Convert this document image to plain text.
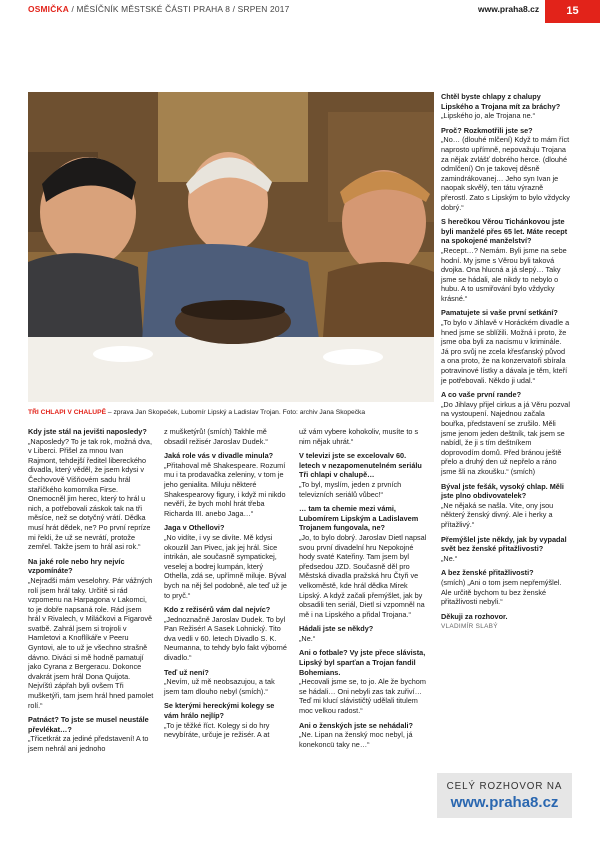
OSMIČKA / MĚSÍČNÍK MĚSTSKÉ ČÁSTI PRAHA 8 / SRPEN 2017	www.praha8.cz	15
TŘI CHLAPI V CHALUPĚ – zprava Jan Skopeček, Lubomír Lipský a Ladislav Trojan. Foto: archiv Jana Skopečka

Kdy jste stál na jevišti naposledy?
„Naposledy? To je tak rok, možná dva, v Liberci. Přišel za mnou Ivan Rajmont, tehdejší ředitel libereckého divadla, který věděl, že jsem kdysi v Čechovově Višňovém sadu hrál staříčkého komorníka Firse. Onemocněl jim herec, který to hrál u nich, a potřebovali záskok tak na tři měsíce, než se dotyčný vrátí. Dědka musí hrát dědek, ne? Po první repríze mi řekli, že už se nevrátí, protože zemřel. Takže jsem to hrál asi rok.“

Na jaké role nebo hry nejvíc vzpomínáte?
„Nejradši mám veselohry. Pár vážných rolí jsem hrál taky. Určitě si rád vzpomenu na Harpagona v Lakomci, to je dobře napsaná role. Rád jsem hrál v Rivalech, v Miláčkovi a Figarově svatbě. Zahrál jsem si trojroli v Hamletovi a Knoflíkáře v Peeru Gyntovi, ale to už je všechno strašně dávno. Diváci si mě hodně pamatují jako Cyrana z Bergeracu. Dokonce dvakrát jsem hrál Dona Quijota. Nejvíštì zápřah byli ovšem Tři mušketýři, tam jsem hrál hned pamolet rolí.“

Patnáct? To jste se musel neustále převlékat…?
„Třicetkrát za jediné představení! A to jsem nehrál ani jednoho

z mušketýrů! (smích) Takhle mě obsadil režisér Jaroslav Dudek.“

Jaká role vás v divadle minula?
„Přitahoval mě Shakespeare. Rozumí mu i ta prodavačka zeleniny, v tom je jeho genialita. Miluju některé Shakespearovy figury, i když mi nikdo nevěří, že bych mohl hrát třeba Richarda III. anebo Jaga…“

Jaga v Othellovi?
„No vidíte, i vy se divíte. Mě kdysi okouzlil Jan Pivec, jak jej hrál. Sice intrikán, ale současně sympatickej, veselej a bodrej kumpán, který Othella, zdá se, upřímně miluje. Býval bych na něj šel podobně, ale teď už je to pryč.“

Kdo z režisérů vám dal nejvíc?
„Jednoznačně Jaroslav Dudek. To byl Pan Režisér! A Sasek Lohnický. Tito dva vedli v 60. letech Divadlo S. K. Neumanna, to tehdy bylo fakt výborné divadlo.“

Teď už není?
„Nevím, už mě neobsazujou, a tak jsem tam dlouho nebyl (smích).“

Se kterými hereckými kolegy se vám hrálo nejlíp?
„To je těžké říct. Kolegy si do hry nevybíráte, určuje je režisér. A at

už vám vybere kohokoliv, musíte to s nim nějak uhrát.“

V televizi jste se excelovalv 60. letech v nezapomenutelném seriálu Tři chlapi v chalupě…
„To byl, myslím, jeden z prvních televizních seriálů vůbec!“

… tam ta chemie mezi vámi, Lubomírem Lipským a Ladislavem Trojanem fungovala, ne?
„Jo, to bylo dobrý. Jaroslav Dietl napsal svou první divadelní hru Nepokojné hody svaté Kateřiny. Tam jsem byl předsedou JZD. Současně děl pro Městská divadla pražská hru Čtyři ve velkoměstě, kde hrál dědka Mirek Lipský. A když začali přemýšlet, jak by obsadili ten seriál, Dietl si vzpomněl na mě i na Lipského a přidal Trojana.“

Hádali jste se někdy?
„Ne.“

Ani o fotbale? Vy jste přece slávista, Lipský byl sparťan a Trojan fandil Bohemians.
„Hecovali jsme se, to jo. Ale že bychom se hádali… Oni nebyli zas tak zuřiví… Teď mi klucí slávističtý udělali titulem moc velkou radost.“

Ani o ženských jste se nehádali?
„Ne. Lipan na ženský moc nebyl, já konekoncü taky ne…“

Chtěl byste chlapy z chalupy Lipského a Trojana mít za bráchy?
„Lipského jo, ale Trojana ne.“

Proč? Rozkmotřili jste se?
„No… (dlouhé mlčení) Když to mám říct naprosto upřímně, nepovažuju Trojana za nějak zvlášť dobrého herce. (dlouhé odmlčení) On je takovej děsně zamindrákovanej… Jeho syn Ivan je naopak skvělý, ten tátu výrazně přerostl. Zato s Lipským to bylo vždycky dobrý.“

S herečkou Věrou Tichánkovou jste byli manželé přes 65 let. Máte recept na spokojené manželství?
„Recept…? Nemám. Byli jsme na sebe hodní. My jsme s Věrou byli taková dvojka. Ona hlucná a já slepý… Taky jsme se hádali, ale nikdy to nebylo o hubu. A to usmiřování bylo vždycky krásné.“

Pamatujete si vaše první setkání?
„To bylo v Jihlavě v Horáckém divadle a hned jsme se sblížili. Možná i proto, že jsme oba byli za nacismu v kriminále. Já pro svůj ne zcela křesťanský původ a ona proto, že na konzervatoři sbírala potravinové lístky a dávala je těm, kteří je potřebovali. Někdo ji udal.“

A co vaše první rande?
„Do Jihlavy přijel cirkus a já Věru pozval na vystoupení. Najednou začala bouřka, představení se zrušilo. Měli jsme jenom jeden deštník, tak jsem se nabídl, že ji s tím deštníkem doprovodím domů. Před bránou ještě přelo a druhý den už nepřelo a ráno jsme šli na zkoušku.“ (smích)

Býval jste fešák, vysoký chlap. Měli jste plno obdivovatelek?
„Ne nějaká se našla. Vite, ony jsou některý ženský divný. Ale i herky a přítažlivý.“

Přemýšlel jste někdy, jak by vypadal svět bez ženské přitažlivosti?
„Ne.“

A bez ženské přitažlivosti?
(smích) „Ani o tom jsem nepřemýšlel. Ale určitě bychom tu bez ženské přitažlivosti nebyli.“

Děkuji za rozhovor.
VLADIMÍR SLABÝ

CELÝ ROZHOVOR NA
www.praha8.cz
